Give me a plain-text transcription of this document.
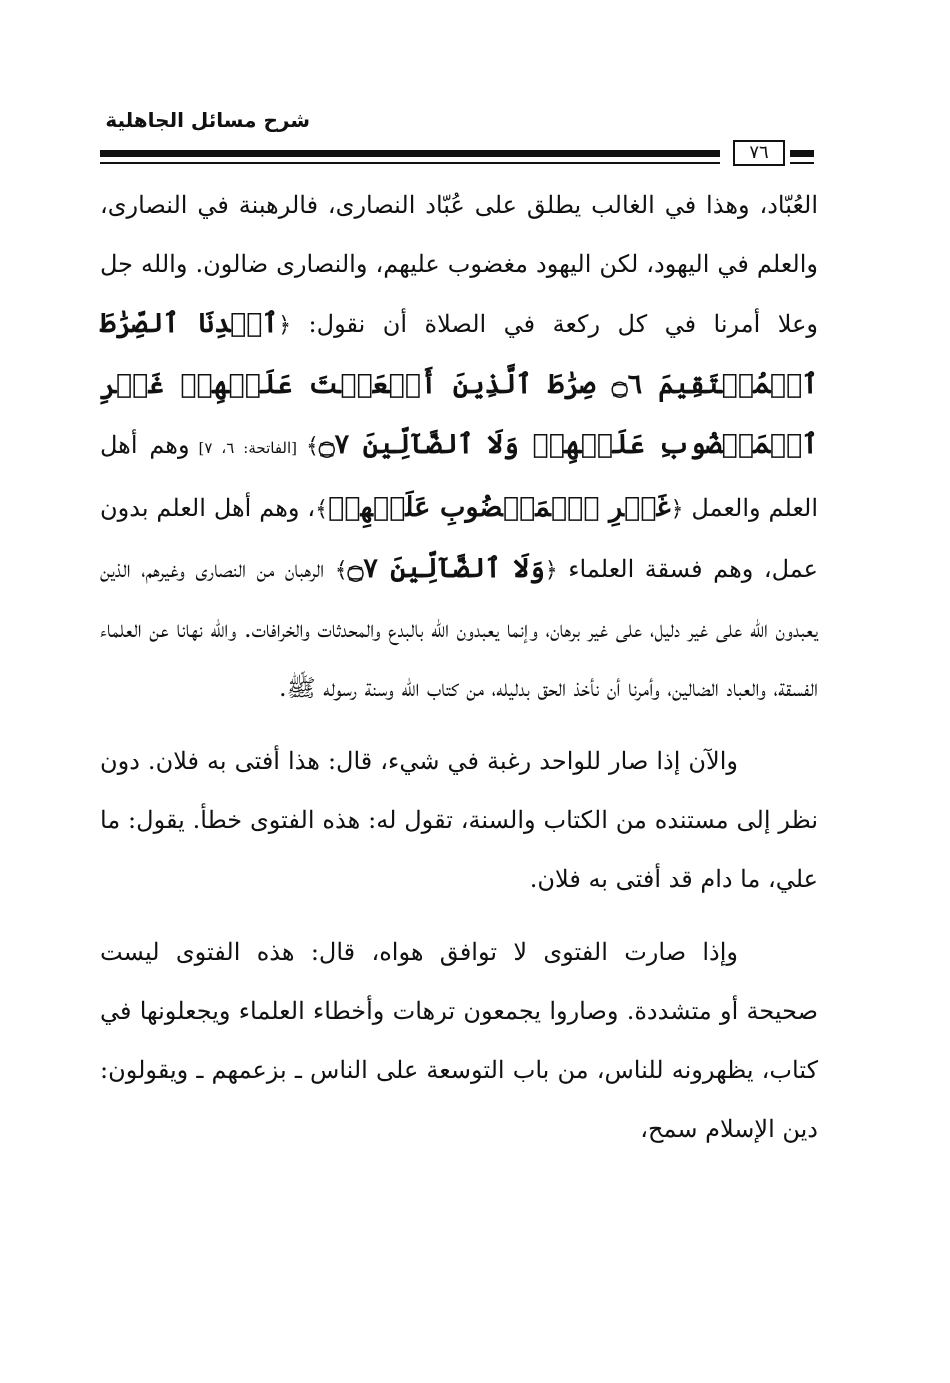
شرح مسائل الجاهلية
٧٦

العُبّاد، وهذا في الغالب يطلق على عُبّاد النصارى، فالرهبنة في النصارى، والعلم في اليهود، لكن اليهود مغضوب عليهم، والنصارى ضالون. والله جل وعلا أمرنا في كل ركعة في الصلاة أن نقول: ﴿ٱهۡدِنَا ٱلصِّرَٰطَ ٱلۡمُسۡتَقِيمَ ۝٦ صِرَٰطَ ٱلَّذِينَ أَنۡعَمۡتَ عَلَيۡهِمۡ غَيۡرِ ٱلۡمَغۡضُوبِ عَلَيۡهِمۡ وَلَا ٱلضَّآلِّينَ ۝٧﴾ [الفاتحة: ٦، ٧] وهم أهل العلم والعمل ﴿غَيۡرِ ٱلۡمَغۡضُوبِ عَلَيۡهِمۡ﴾، وهم أهل العلم بدون عمل، وهم فسقة العلماء ﴿وَلَا ٱلضَّآلِّينَ ۝٧﴾ الرهبان من النصارى وغيرهم، الذين يعبدون الله على غير دليل، على غير برهان، وإنما يعبدون الله بالبدع والمحدثات والخرافات. والله نهانا عن العلماء الفسقة، والعباد الضالين، وأمرنا أن نأخذ الحق بدليله، من كتاب الله وسنة رسوله ﷺ.

والآن إذا صار للواحد رغبة في شيء، قال: هذا أفتى به فلان. دون نظر إلى مستنده من الكتاب والسنة، تقول له: هذه الفتوى خطأ. يقول: ما علي، ما دام قد أفتى به فلان.

وإذا صارت الفتوى لا توافق هواه، قال: هذه الفتوى ليست صحيحة أو متشددة. وصاروا يجمعون ترهات وأخطاء العلماء ويجعلونها في كتاب، يظهرونه للناس، من باب التوسعة على الناس ـ بزعمهم ـ ويقولون: دين الإسلام سمح،
